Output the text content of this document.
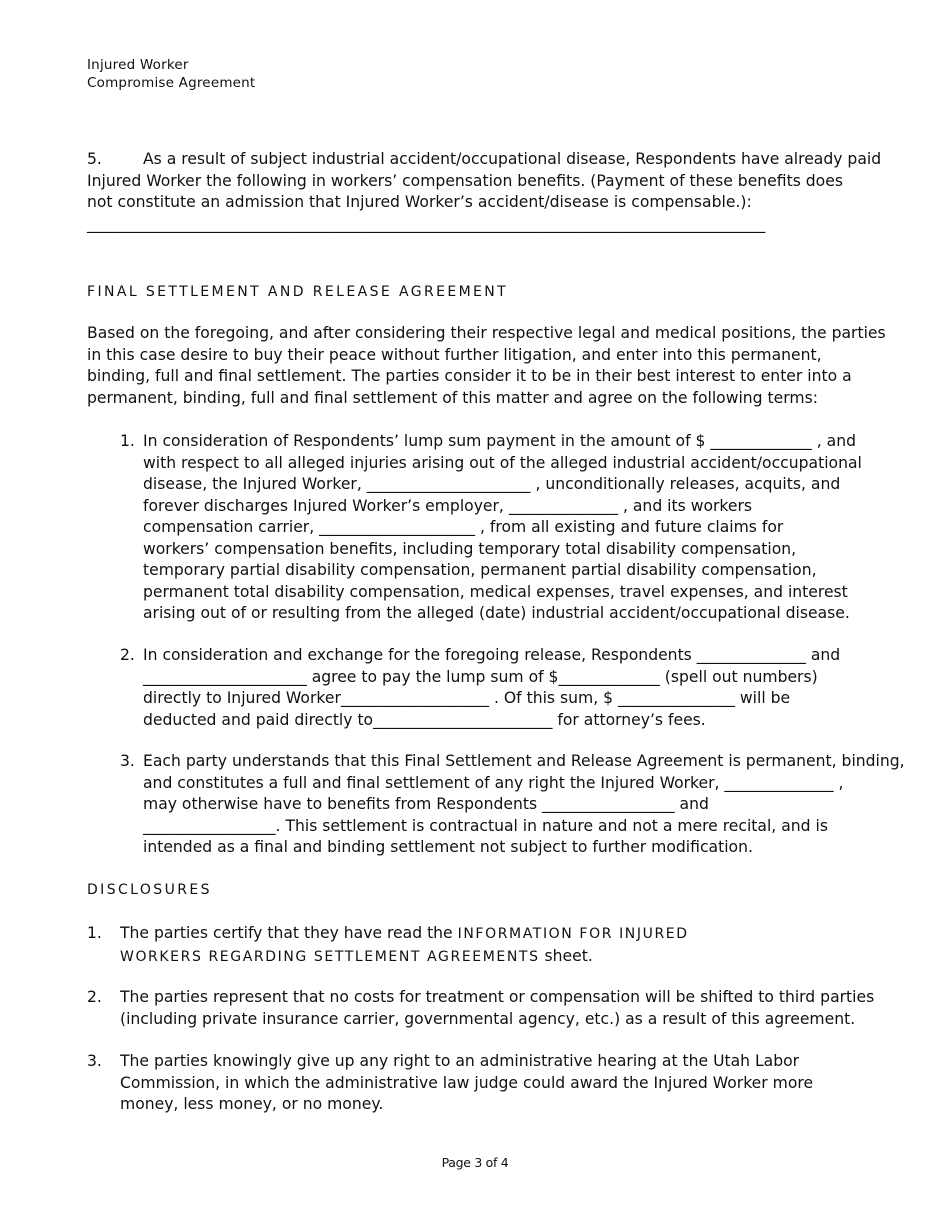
Injured Worker
Compromise Agreement
5.	As a result of subject industrial accident/occupational disease, Respondents have already paid
Injured Worker the following in workers’ compensation benefits. (Payment of these benefits does
not constitute an admission that Injured Worker’s accident/disease is compensable.):
_______________________________________________________________________________________
FINAL SETTLEMENT AND RELEASE AGREEMENT
Based on the foregoing, and after considering their respective legal and medical positions, the parties
in this case desire to buy their peace without further litigation, and enter into this permanent,
binding, full and final settlement. The parties consider it to be in their best interest to enter into a
permanent, binding, full and final settlement of this matter and agree on the following terms:
1. In consideration of Respondents’ lump sum payment in the amount of $ _____________ , and
with respect to all alleged injuries arising out of the alleged industrial accident/occupational
disease, the Injured Worker, _____________________ , unconditionally releases, acquits, and
forever discharges Injured Worker’s employer, ______________ , and its workers
compensation carrier, ____________________ , from all existing and future claims for
workers’ compensation benefits, including temporary total disability compensation,
temporary partial disability compensation, permanent partial disability compensation,
permanent total disability compensation, medical expenses, travel expenses, and interest
arising out of or resulting from the alleged (date) industrial accident/occupational disease.
2. In consideration and exchange for the foregoing release, Respondents ______________ and
_____________________ agree to pay the lump sum of $_____________ (spell out numbers)
directly to Injured Worker___________________ . Of this sum, $ _______________ will be
deducted and paid directly to_______________________ for attorney’s fees.
3. Each party understands that this Final Settlement and Release Agreement is permanent, binding,
and constitutes a full and final settlement of any right the Injured Worker, ______________ ,
may otherwise have to benefits from Respondents _________________ and
_________________. This settlement is contractual in nature and not a mere recital, and is
intended as a final and binding settlement not subject to further modification.
DISCLOSURES
1. The parties certify that they have read the INFORMATION FOR INJURED
WORKERS REGARDING SETTLEMENT AGREEMENTS sheet.
2. The parties represent that no costs for treatment or compensation will be shifted to third parties
(including private insurance carrier, governmental agency, etc.) as a result of this agreement.
3. The parties knowingly give up any right to an administrative hearing at the Utah Labor
Commission, in which the administrative law judge could award the Injured Worker more
money, less money, or no money.
Page 3 of 4
